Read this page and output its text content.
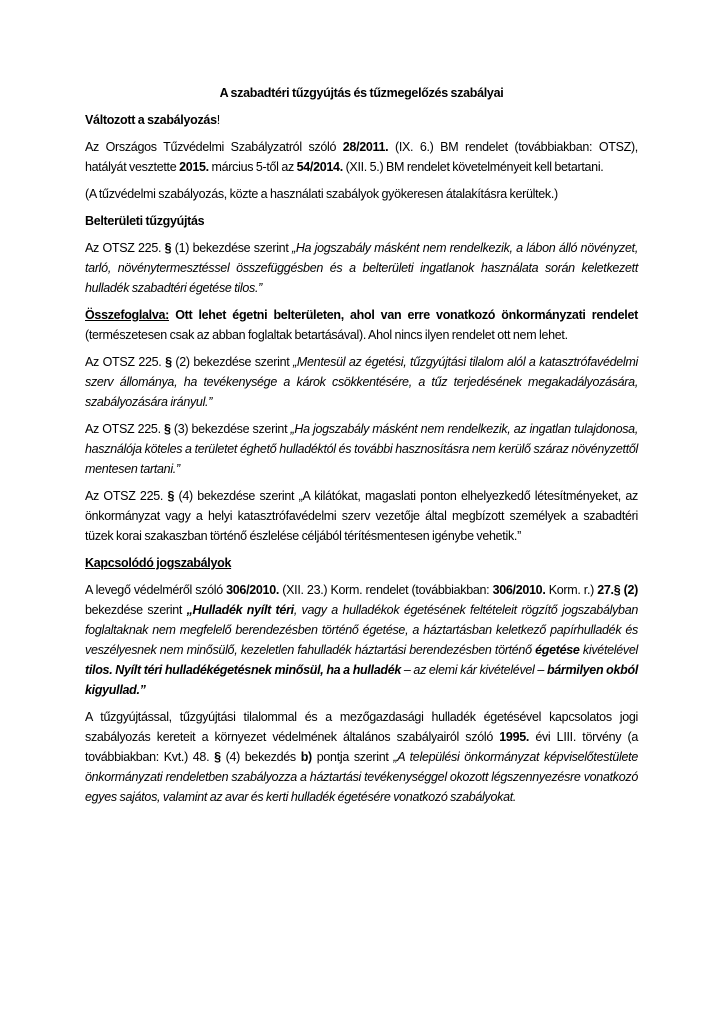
A szabadtéri tűzgyújtás és tűzmegelőzés szabályai

Változott a szabályozás!

Az Országos Tűzvédelmi Szabályzatról szóló 28/2011. (IX. 6.) BM rendelet (továbbiakban: OTSZ), hatályát vesztette 2015. március 5-től az 54/2014. (XII. 5.) BM rendelet követelményeit kell betartani.

(A tűzvédelmi szabályozás, közte a használati szabályok gyökeresen átalakításra kerültek.)

Belterületi tűzgyújtás

Az OTSZ 225. § (1) bekezdése szerint „Ha jogszabály másként nem rendelkezik, a lábon álló növényzet, tarló, növénytermesztéssel összefüggésben és a belterületi ingatlanok használata során keletkezett hulladék szabadtéri égetése tilos.”

Összefoglalva: Ott lehet égetni belterületen, ahol van erre vonatkozó önkormányzati rendelet (természetesen csak az abban foglaltak betartásával). Ahol nincs ilyen rendelet ott nem lehet.

Az OTSZ 225. § (2) bekezdése szerint „Mentesül az égetési, tűzgyújtási tilalom alól a katasztrófavédelmi szerv állománya, ha tevékenysége a károk csökkentésére, a tűz terjedésének megakadályozására, szabályozására irányul.”

Az OTSZ 225. § (3) bekezdése szerint „Ha jogszabály másként nem rendelkezik, az ingatlan tulajdonosa, használója köteles a területet éghető hulladéktól és további hasznosításra nem kerülő száraz növényzettől mentesen tartani.”

Az OTSZ 225. § (4) bekezdése szerint „A kilátókat, magaslati ponton elhelyezkedő létesítményeket, az önkormányzat vagy a helyi katasztrófavédelmi szerv vezetője által megbízott személyek a szabadtéri tüzek korai szakaszban történő észlelése céljából térítésmentesen igénybe vehetik.”

Kapcsolódó jogszabályok

A levegő védelméről szóló 306/2010. (XII. 23.) Korm. rendelet (továbbiakban: 306/2010. Korm. r.) 27.§ (2) bekezdése szerint „Hulladék nyílt téri, vagy a hulladékok égetésének feltételeit rögzítő jogszabályban foglaltaknak nem megfelelő berendezésben történő égetése, a háztartásban keletkező papírhulladék és veszélyesnek nem minősülő, kezeletlen fahulladék háztartási berendezésben történő égetése kivételével tilos. Nyílt téri hulladékégetésnek minősül, ha a hulladék – az elemi kár kivételével – bármilyen okból kigyullad.”

A tűzgyújtással, tűzgyújtási tilalommal és a mezőgazdasági hulladék égetésével kapcsolatos jogi szabályozás kereteit a környezet védelmének általános szabályairól szóló 1995. évi LIII. törvény (a továbbiakban: Kvt.) 48. § (4) bekezdés b) pontja szerint „A települési önkormányzat képviselőtestülete önkormányzati rendeletben szabályozza a háztartási tevékenységgel okozott légszennyezésre vonatkozó egyes sajátos, valamint az avar és kerti hulladék égetésére vonatkozó szabályokat.
